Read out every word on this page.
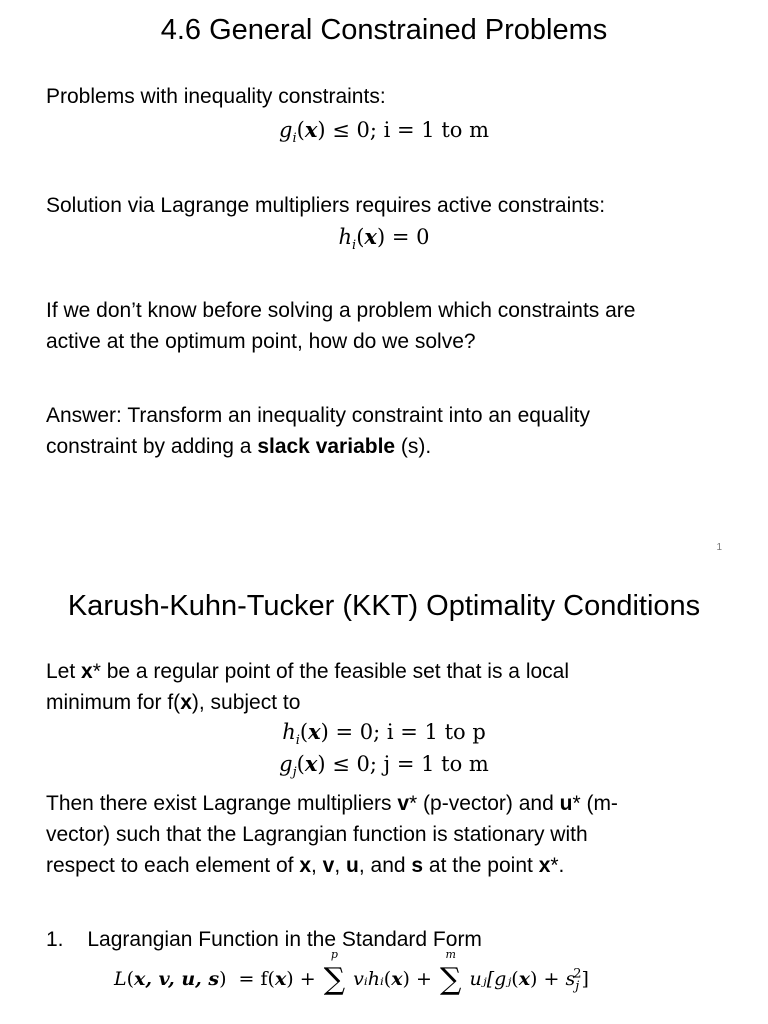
4.6 General Constrained Problems
Problems with inequality constraints:
$g_i(x) \le 0$; i = 1 to m
Solution via Lagrange multipliers requires active constraints:
$h_i(x) = 0$
If we don’t know before solving a problem which constraints are
active at the optimum point, how do we solve?
Answer: Transform an inequality constraint into an equality
constraint by adding a slack variable (s).
1
Karush-Kuhn-Tucker (KKT) Optimality Conditions
Let x* be a regular point of the feasible set that is a local
minimum for f(x), subject to
$h_i(x) = 0$; i = 1 to p
$g_j(x) \le 0$; j = 1 to m
Then there exist Lagrange multipliers v* (p-vector) and u* (m-
vector) such that the Lagrangian function is stationary with
respect to each element of x, v, u, and s at the point x*.
1. Lagrangian Function in the Standard Form
L(x, v, u, s) = f(x) + ∑
p
vᵢhᵢ(x) + ∑
m
uⱼ[gⱼ(x) + $s_j^2$]
